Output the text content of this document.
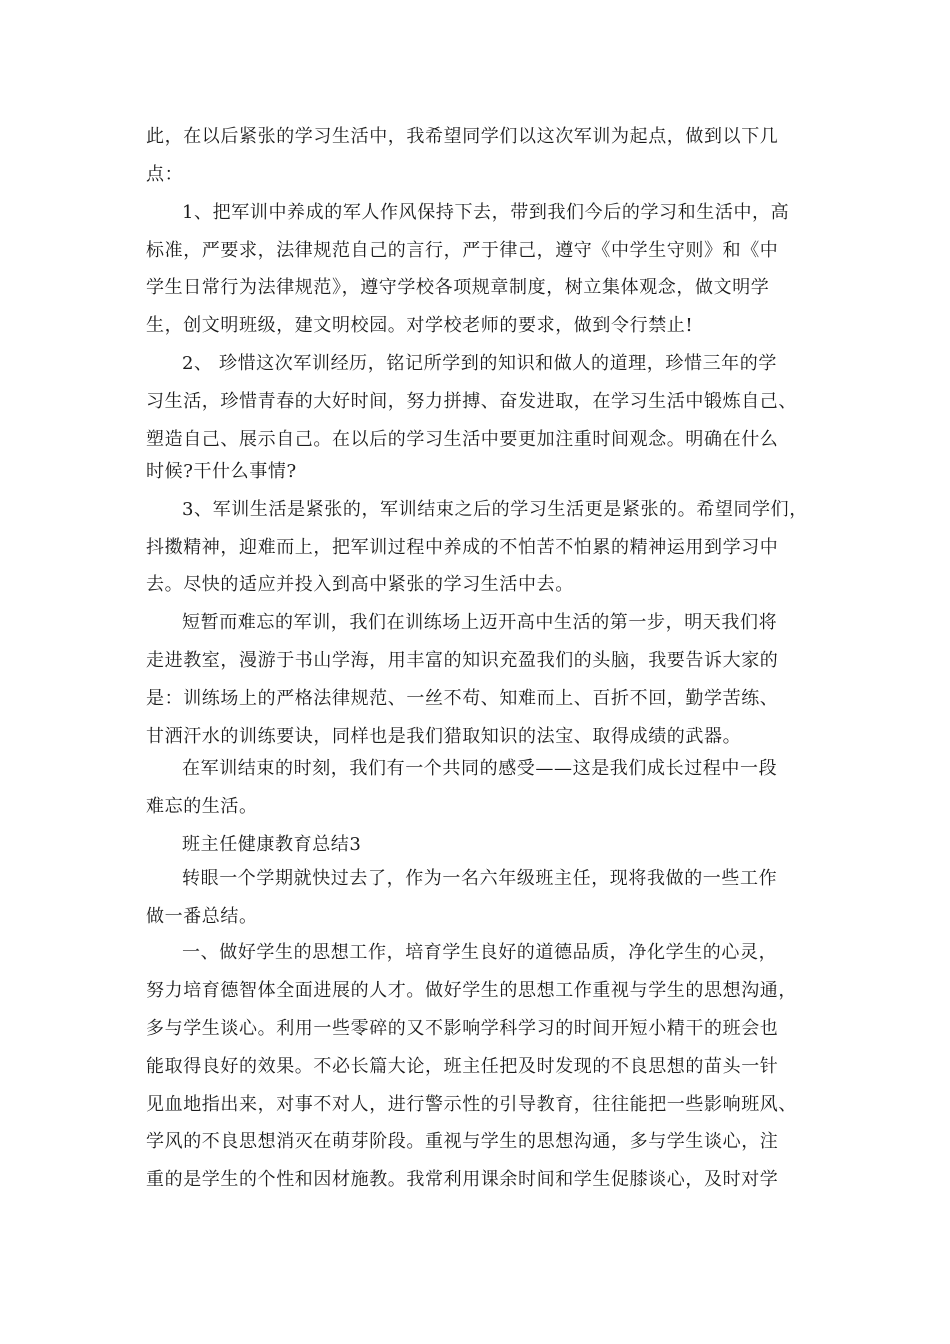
此，在以后紧张的学习生活中，我希望同学们以这次军训为起点，做到以下几
点：
1、把军训中养成的军人作风保持下去，带到我们今后的学习和生活中，高
标准，严要求，法律规范自己的言行，严于律己，遵守《中学生守则》和《中
学生日常行为法律规范》，遵守学校各项规章制度，树立集体观念，做文明学
生，创文明班级，建文明校园。对学校老师的要求，做到令行禁止!
2、 珍惜这次军训经历，铭记所学到的知识和做人的道理，珍惜三年的学
习生活，珍惜青春的大好时间，努力拼搏、奋发进取，在学习生活中锻炼自己、
塑造自己、展示自己。在以后的学习生活中要更加注重时间观念。明确在什么
时候?干什么事情?
3、军训生活是紧张的，军训结束之后的学习生活更是紧张的。希望同学们，
抖擞精神，迎难而上，把军训过程中养成的不怕苦不怕累的精神运用到学习中
去。尽快的适应并投入到高中紧张的学习生活中去。
短暂而难忘的军训，我们在训练场上迈开高中生活的第一步，明天我们将
走进教室，漫游于书山学海，用丰富的知识充盈我们的头脑，我要告诉大家的
是：训练场上的严格法律规范、一丝不苟、知难而上、百折不回，勤学苦练、
甘洒汗水的训练要诀，同样也是我们猎取知识的法宝、取得成绩的武器。
在军训结束的时刻，我们有一个共同的感受——这是我们成长过程中一段
难忘的生活。
班主任健康教育总结3
转眼一个学期就快过去了，作为一名六年级班主任，现将我做的一些工作
做一番总结。
一、做好学生的思想工作，培育学生良好的道德品质，净化学生的心灵，
努力培育德智体全面进展的人才。做好学生的思想工作重视与学生的思想沟通，
多与学生谈心。利用一些零碎的又不影响学科学习的时间开短小精干的班会也
能取得良好的效果。不必长篇大论，班主任把及时发现的不良思想的苗头一针
见血地指出来，对事不对人，进行警示性的引导教育，往往能把一些影响班风、
学风的不良思想消灭在萌芽阶段。重视与学生的思想沟通，多与学生谈心，注
重的是学生的个性和因材施教。我常利用课余时间和学生促膝谈心，及时对学
